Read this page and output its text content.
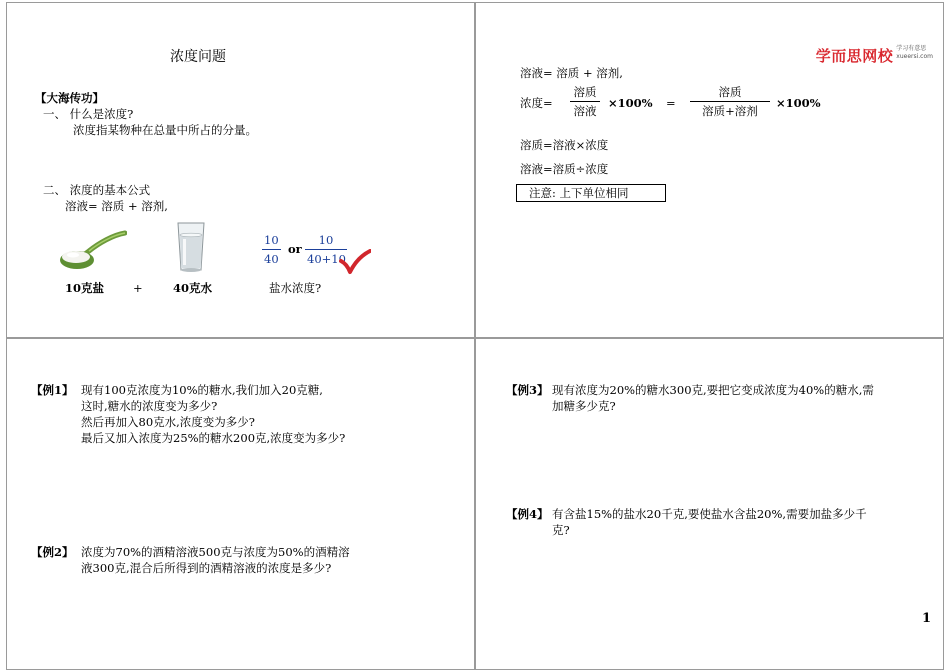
浓度问题
【大海传功】
一、 什么是浓度?
浓度指某物种在总量中所占的分量。
二、 浓度的基本公式
溶液= 溶质 + 溶剂,
10
40
or
10
40+10
10克盐	+	40克水	盐水浓度?
学而思网校 学习有意思
xueersi.com
溶液= 溶质 + 溶剂,
浓度=
溶质
溶液
×100% =
溶质
溶质+溶剂
×100%
溶质=溶液×浓度
溶液=溶质÷浓度
注意: 上下单位相同
【例1】 现有100克浓度为10%的糖水,我们加入20克糖,
这时,糖水的浓度变为多少?
然后再加入80克水,浓度变为多少?
最后又加入浓度为25%的糖水200克,浓度变为多少?
【例2】 浓度为70%的酒精溶液500克与浓度为50%的酒精溶
液300克,混合后所得到的酒精溶液的浓度是多少?
【例3】 现有浓度为20%的糖水300克,要把它变成浓度为40%的糖水,需
加糖多少克?
【例4】 有含盐15%的盐水20千克,要使盐水含盐20%,需要加盐多少千
克?
1
